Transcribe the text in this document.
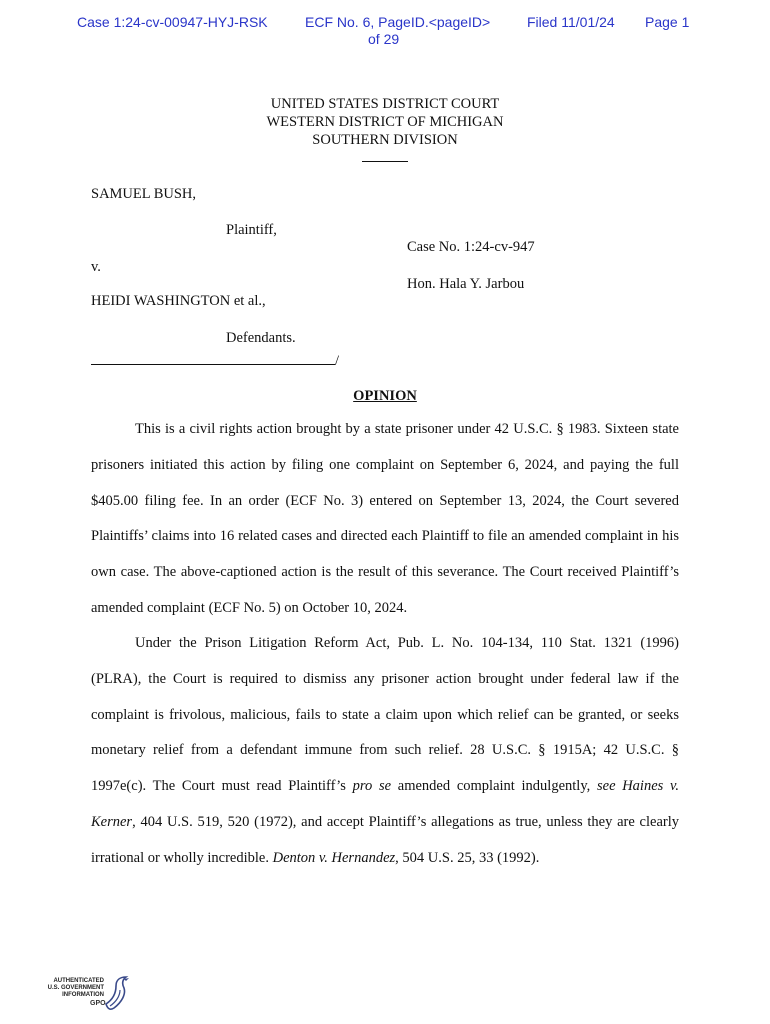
Case 1:24-cv-00947-HYJ-RSK	ECF No. 6, PageID.<pageID>	Filed 11/01/24 Page 1
of 29
UNITED STATES DISTRICT COURT
WESTERN DISTRICT OF MICHIGAN
SOUTHERN DIVISION
SAMUEL BUSH,
Plaintiff,
Case No. 1:24-cv-947
v.
Hon. Hala Y. Jarbou
HEIDI WASHINGTON et al.,
Defendants.
/
OPINION

This is a civil rights action brought by a state prisoner under 42 U.S.C. § 1983. Sixteen state prisoners initiated this action by filing one complaint on September 6, 2024, and paying the full $405.00 filing fee. In an order (ECF No. 3) entered on September 13, 2024, the Court severed Plaintiffs’ claims into 16 related cases and directed each Plaintiff to file an amended complaint in his own case. The above-captioned action is the result of this severance. The Court received Plaintiff’s amended complaint (ECF No. 5) on October 10, 2024.

Under the Prison Litigation Reform Act, Pub. L. No. 104-134, 110 Stat. 1321 (1996) (PLRA), the Court is required to dismiss any prisoner action brought under federal law if the complaint is frivolous, malicious, fails to state a claim upon which relief can be granted, or seeks monetary relief from a defendant immune from such relief. 28 U.S.C. § 1915A; 42 U.S.C. § 1997e(c). The Court must read Plaintiff’s pro se amended complaint indulgently, see Haines v. Kerner, 404 U.S. 519, 520 (1972), and accept Plaintiff’s allegations as true, unless they are clearly irrational or wholly incredible. Denton v. Hernandez, 504 U.S. 25, 33 (1992).

AUTHENTICATED
U.S. GOVERNMENT
INFORMATION
GPO
